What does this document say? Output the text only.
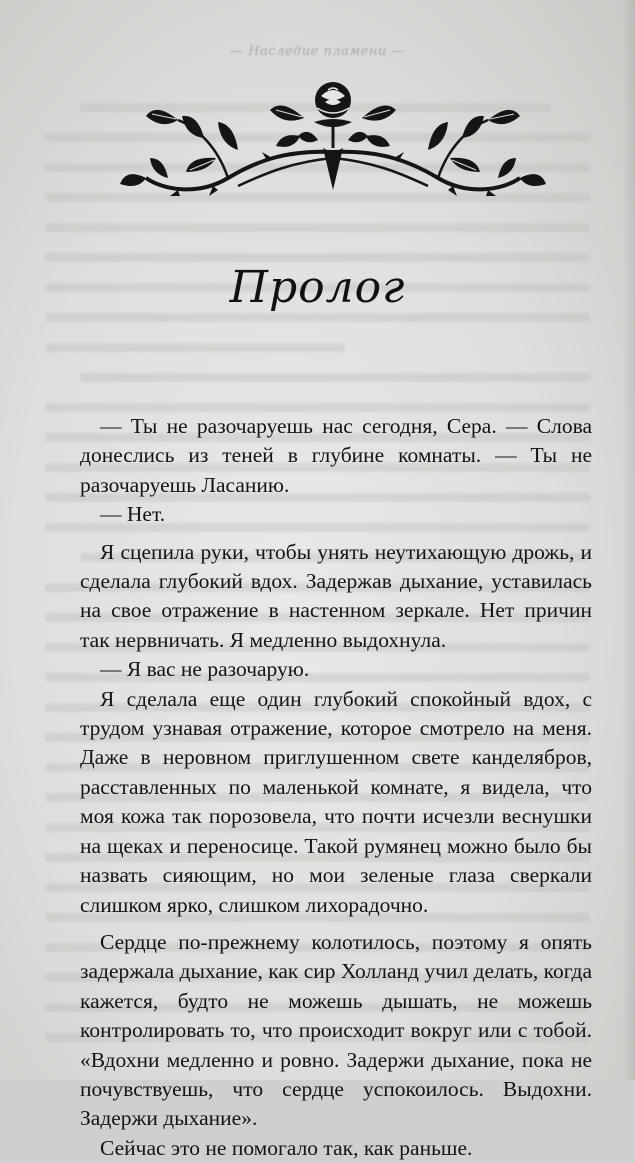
— Наследие пламени —
Пролог

— Ты не разочаруешь нас сегодня, Сера. — Слова донеслись из теней в глубине комнаты. — Ты не разочаруешь Ласанию.

— Нет.

Я сцепила руки, чтобы унять неутихающую дрожь, и сделала глубокий вдох. Задержав дыхание, уставилась на свое отражение в настенном зеркале. Нет причин так нервничать. Я медленно выдохнула.

— Я вас не разочарую.

Я сделала еще один глубокий спокойный вдох, с трудом узнавая отражение, которое смотрело на меня. Даже в неровном приглушенном свете канделябров, расставленных по маленькой комнате, я видела, что моя кожа так порозовела, что почти исчезли веснушки на щеках и переносице. Такой румянец можно было бы назвать сияющим, но мои зеленые глаза сверкали слишком ярко, слишком лихорадочно.

Сердце по-прежнему колотилось, поэтому я опять задержала дыхание, как сир Холланд учил делать, когда кажется, будто не можешь дышать, не можешь контролировать то, что происходит вокруг или с тобой. «Вдохни медленно и ровно. Задержи дыхание, пока не почувствуешь, что сердце успокоилось. Выдохни. Задержи дыхание».

Сейчас это не помогало так, как раньше.
